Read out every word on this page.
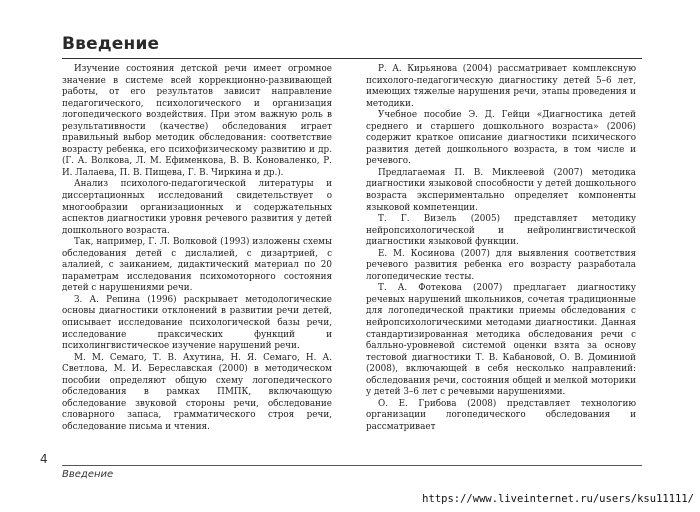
Введение

Изучение состояния детской речи имеет огромное значение в системе всей коррекционно-развивающей работы, от его результатов зависит направление педагогического, психологического и организация логопедического воздействия. При этом важную роль в результативности (качестве) обследования играет правильный выбор методик обследования: соответствие возрасту ребенка, его психофизическому развитию и др. (Г. А. Волкова, Л. М. Ефименкова, В. В. Коноваленко, Р. И. Лалаева, П. В. Пищева, Г. В. Чиркина и др.).

Анализ психолого-педагогической литературы и диссертационных исследований свидетельствует о многообразии организационных и содержательных аспектов диагностики уровня речевого развития у детей дошкольного возраста.

Так, например, Г. Л. Волковой (1993) изложены схемы обследования детей с дислалией, с дизартрией, с алалией, с заиканием, дидактический материал по 20 параметрам исследования психомоторного состояния детей с нарушениями речи.

З. А. Репина (1996) раскрывает методологические основы диагностики отклонений в развитии речи детей, описывает исследование психологической базы речи, исследование праксических функций и психолингвистическое изучение нарушений речи.

М. М. Семаго, Т. В. Ахутина, Н. Я. Семаго, Н. А. Светлова, М. И. Береславская (2000) в методическом пособии определяют общую схему логопедического обследования в рамках ПМПК, включающую обследование звуковой стороны речи, обследование словарного запаса, грамматического строя речи, обследование письма и чтения.

Р. А. Кирьянова (2004) рассматривает комплексную психолого-педагогическую диагностику детей 5–6 лет, имеющих тяжелые нарушения речи, этапы проведения и методики.

Учебное пособие Э. Д. Гейци «Диагностика детей среднего и старшего дошкольного возраста» (2006) содержит краткое описание диагностики психического развития детей дошкольного возраста, в том числе и речевого.

Предлагаемая П. В. Миклеевой (2007) методика диагностики языковой способности у детей дошкольного возраста экспериментально определяет компоненты языковой компетенции.

Т. Г. Визель (2005) представляет методику нейропсихологической и нейролингвистической диагностики языковой функции.

Е. М. Косинова (2007) для выявления соответствия речевого развития ребенка его возрасту разработала логопедические тесты.

Т. А. Фотекова (2007) предлагает диагностику речевых нарушений школьников, сочетая традиционные для логопедической практики приемы обследования с нейропсихологическими методами диагностики. Данная стандартизированная методика обследования речи с балльно-уровневой системой оценки взята за основу тестовой диагностики Т. В. Кабановой, О. В. Доминиой (2008), включающей в себя несколько направлений: обследования речи, состояния общей и мелкой моторики у детей 3–6 лет с речевыми нарушениями.

О. Е. Грибова (2008) представляет технологию организации логопедического обследования и рассматривает

4
Введение
https://www.liveinternet.ru/users/ksu11111/
